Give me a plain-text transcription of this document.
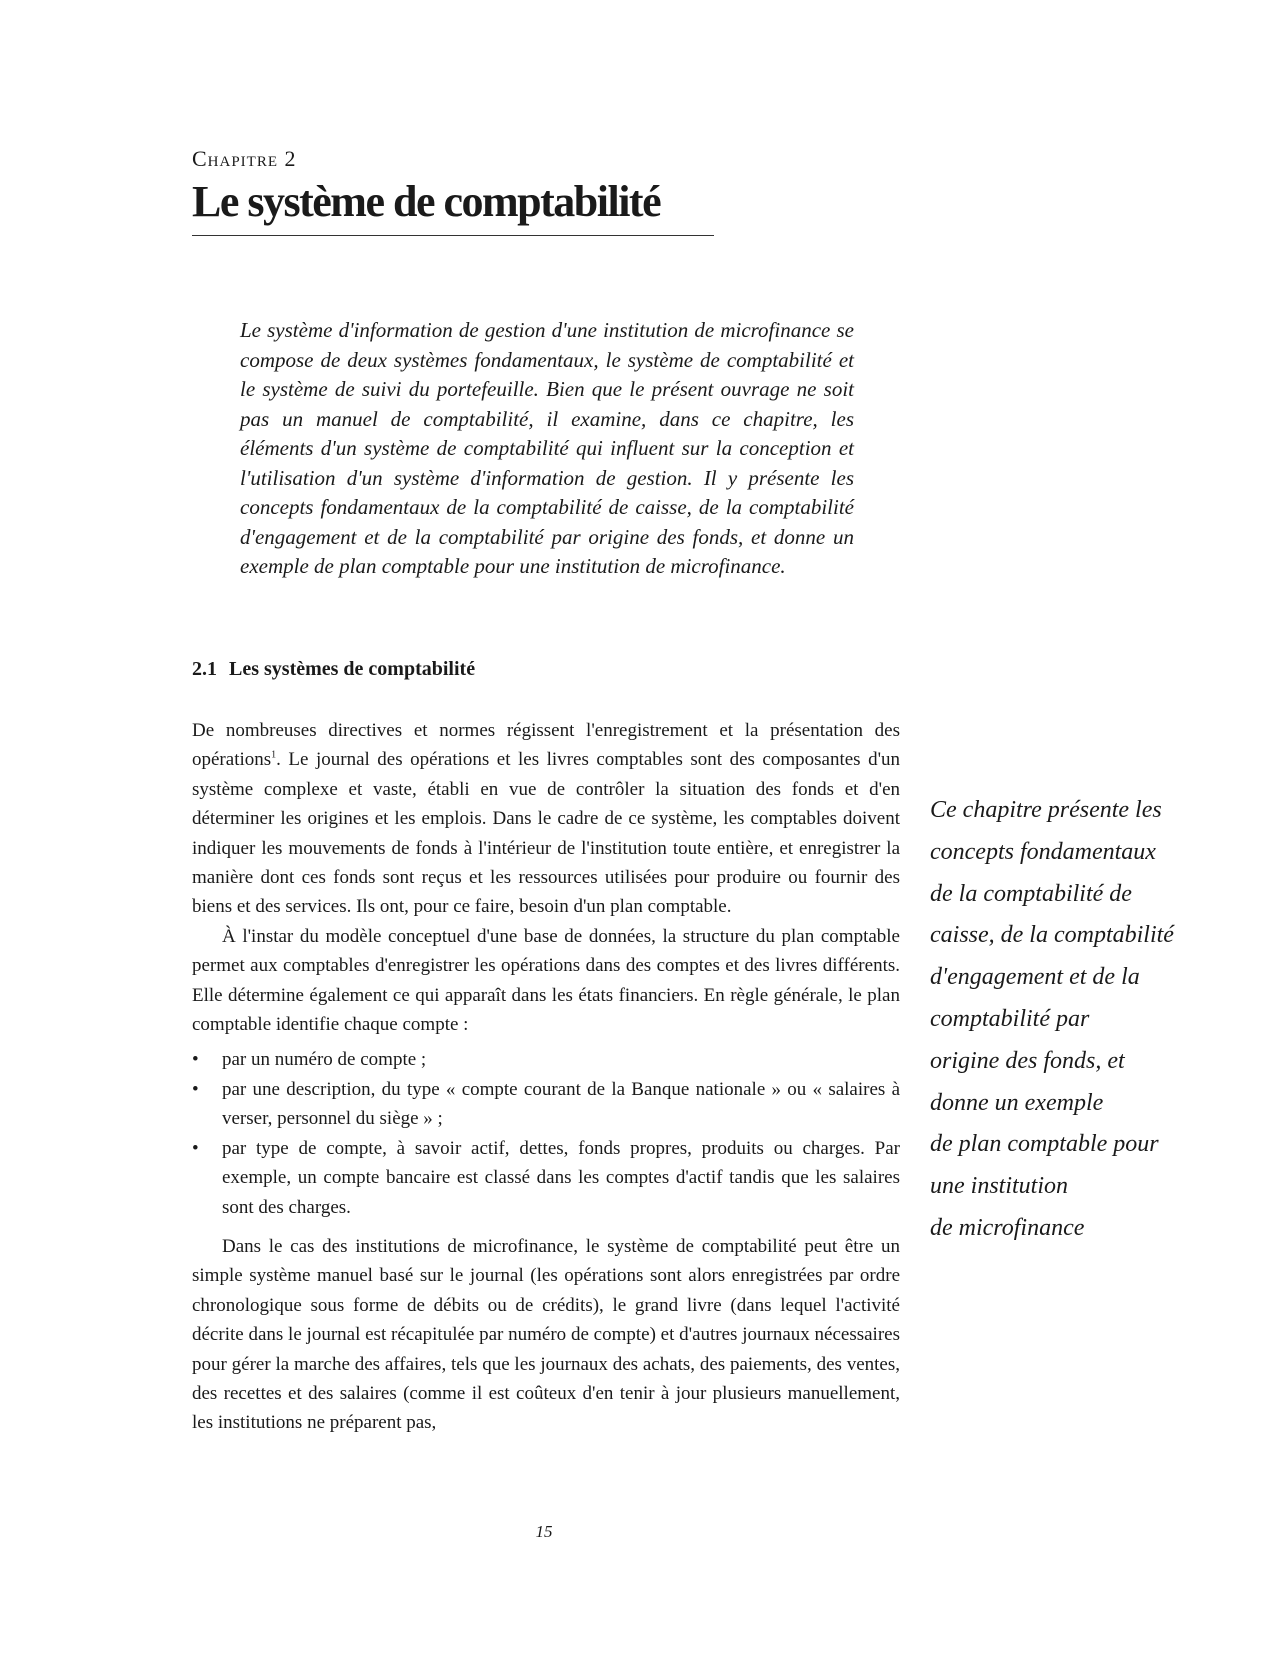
Chapitre 2
Le système de comptabilité

Le système d'information de gestion d'une institution de microfinance se compose de deux systèmes fondamentaux, le système de comptabilité et le système de suivi du portefeuille. Bien que le présent ouvrage ne soit pas un manuel de comptabilité, il examine, dans ce chapitre, les éléments d'un système de comptabilité qui influent sur la conception et l'utilisation d'un système d'information de gestion. Il y présente les concepts fondamentaux de la comptabilité de caisse, de la comptabilité d'engagement et de la comptabilité par origine des fonds, et donne un exemple de plan comptable pour une institution de microfinance.

2.1 Les systèmes de comptabilité

De nombreuses directives et normes régissent l'enregistrement et la présentation des opérations$^1$. Le journal des opérations et les livres comptables sont des composantes d'un système complexe et vaste, établi en vue de contrôler la situation des fonds et d'en déterminer les origines et les emplois. Dans le cadre de ce système, les comptables doivent indiquer les mouvements de fonds à l'intérieur de l'institution toute entière, et enregistrer la manière dont ces fonds sont reçus et les ressources utilisées pour produire ou fournir des biens et des services. Ils ont, pour ce faire, besoin d'un plan comptable.

À l'instar du modèle conceptuel d'une base de données, la structure du plan comptable permet aux comptables d'enregistrer les opérations dans des comptes et des livres différents. Elle détermine également ce qui apparaît dans les états financiers. En règle générale, le plan comptable identifie chaque compte :

• par un numéro de compte ;
• par une description, du type « compte courant de la Banque nationale » ou « salaires à verser, personnel du siège » ;
• par type de compte, à savoir actif, dettes, fonds propres, produits ou charges. Par exemple, un compte bancaire est classé dans les comptes d'actif tandis que les salaires sont des charges.

Dans le cas des institutions de microfinance, le système de comptabilité peut être un simple système manuel basé sur le journal (les opérations sont alors enregistrées par ordre chronologique sous forme de débits ou de crédits), le grand livre (dans lequel l'activité décrite dans le journal est récapitulée par numéro de compte) et d'autres journaux nécessaires pour gérer la marche des affaires, tels que les journaux des achats, des paiements, des ventes, des recettes et des salaires (comme il est coûteux d'en tenir à jour plusieurs manuellement, les institutions ne préparent pas,

Ce chapitre présente les
concepts fondamentaux
de la comptabilité de
caisse, de la comptabilité
d'engagement et de la
comptabilité par
origine des fonds, et
donne un exemple
de plan comptable pour
une institution
de microfinance
15
